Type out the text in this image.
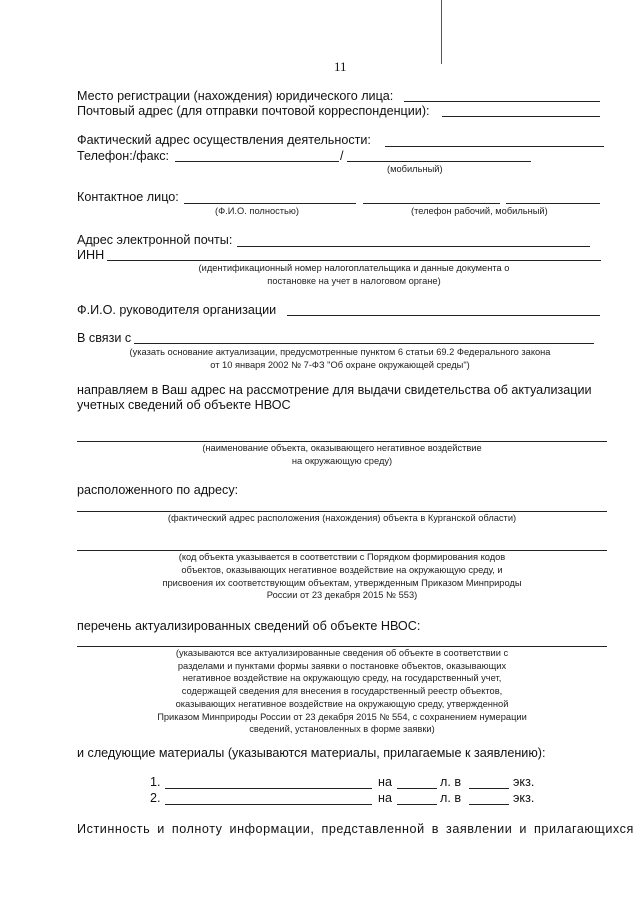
11
Место регистрации (нахождения) юридического лица:
Почтовый адрес (для отправки почтовой корреспонденции):
Фактический адрес осуществления деятельности:
Телефон:/факс:	/
(мобильный)
Контактное лицо:
(Ф.И.О. полностью)	(телефон рабочий, мобильный)
Адрес электронной почты:
ИНН
(идентификационный номер налогоплательщика и данные документа о
постановке на учет в налоговом органе)
Ф.И.О. руководителя организации
В связи с
(указать основание актуализации, предусмотренные пунктом 6 статьи 69.2 Федерального закона
от 10 января 2002 № 7-ФЗ "Об охране окружающей среды")
направляем в Ваш адрес на рассмотрение для выдачи свидетельства об актуализации
учетных сведений об объекте НВОС
(наименование объекта, оказывающего негативное воздействие
на окружающую среду)
расположенного по адресу:
(фактический адрес расположения (нахождения) объекта в Курганской области)
(код объекта указывается в соответствии с Порядком формирования кодов
объектов, оказывающих негативное воздействие на окружающую среду, и
присвоения их соответствующим объектам, утвержденным Приказом Минприроды
России от 23 декабря 2015 № 553)
перечень актуализированных сведений об объекте НВОС:
(указываются все актуализированные сведения об объекте в соответствии с
разделами и пунктами формы заявки о постановке объектов, оказывающих
негативное воздействие на окружающую среду, на государственный учет,
содержащей сведения для внесения в государственный реестр объектов,
оказывающих негативное воздействие на окружающую среду, утвержденной
Приказом Минприроды России от 23 декабря 2015 № 554, с сохранением нумерации
сведений, установленных в форме заявки)
и следующие материалы (указываются материалы, прилагаемые к заявлению):
1.	на	л. в	экз.
2.	на	л. в	экз.
Истинность и полноту информации, представленной в заявлении и прилагающихся
